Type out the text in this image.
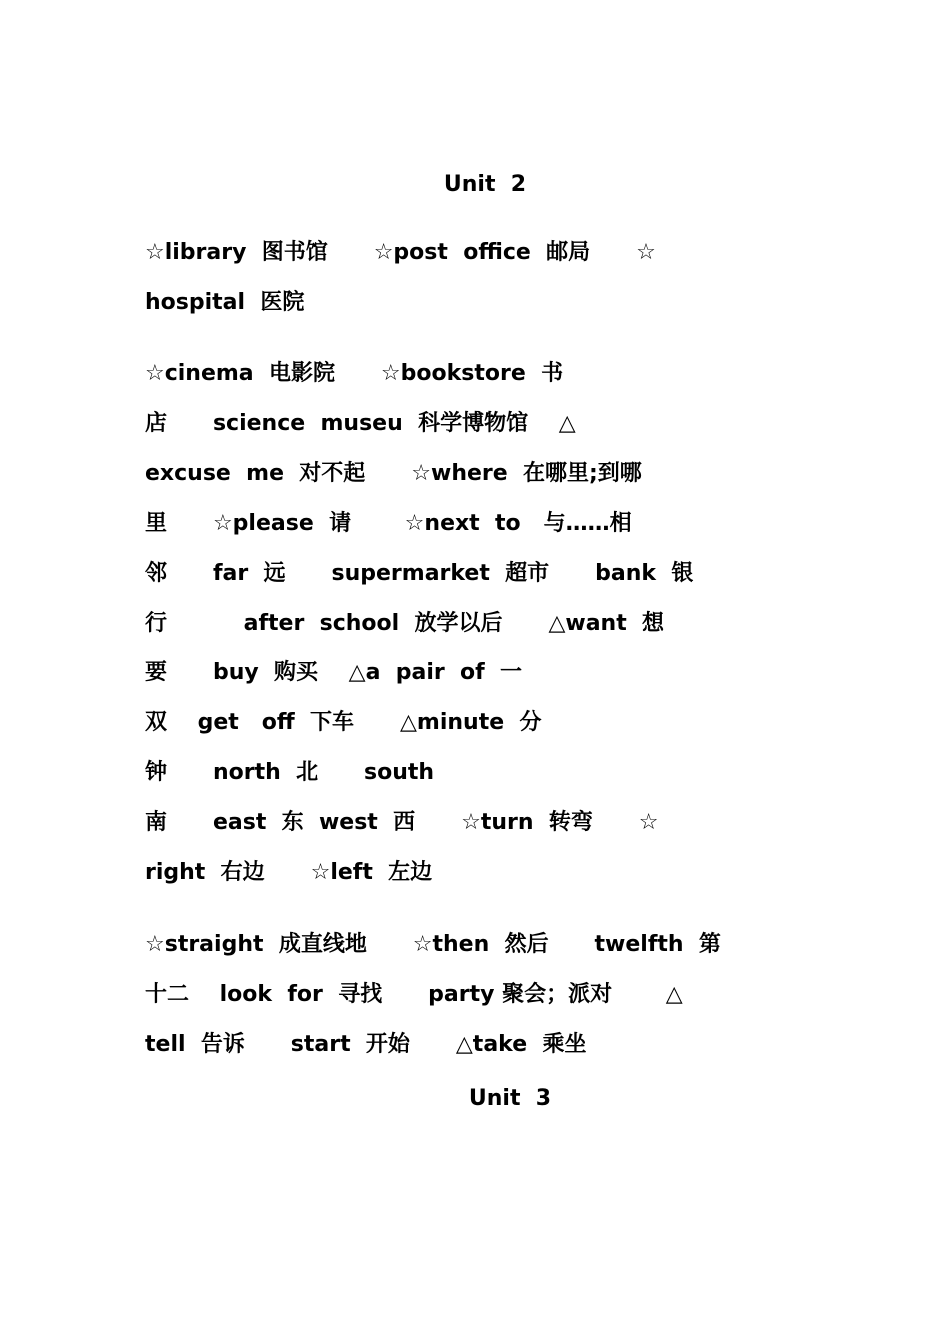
Unit  2
☆library  图书馆      ☆post  office  邮局      ☆
hospital  医院
☆cinema  电影院      ☆bookstore  书
店      science  museu  科学博物馆    △
excuse  me  对不起      ☆where  在哪里;到哪
里      ☆please  请       ☆next  to   与……相
邻      far  远      supermarket  超市      bank  银
行          after  school  放学以后      △want  想
要      buy  购买    △a  pair  of  一
双    get   off  下车      △minute  分
钟      north  北      south
南      east  东  west  西      ☆turn  转弯      ☆
right  右边      ☆left  左边
☆straight  成直线地      ☆then  然后      twelfth  第
十二    look  for  寻找      party 聚会；派对       △
tell  告诉      start  开始      △take  乘坐
Unit  3
